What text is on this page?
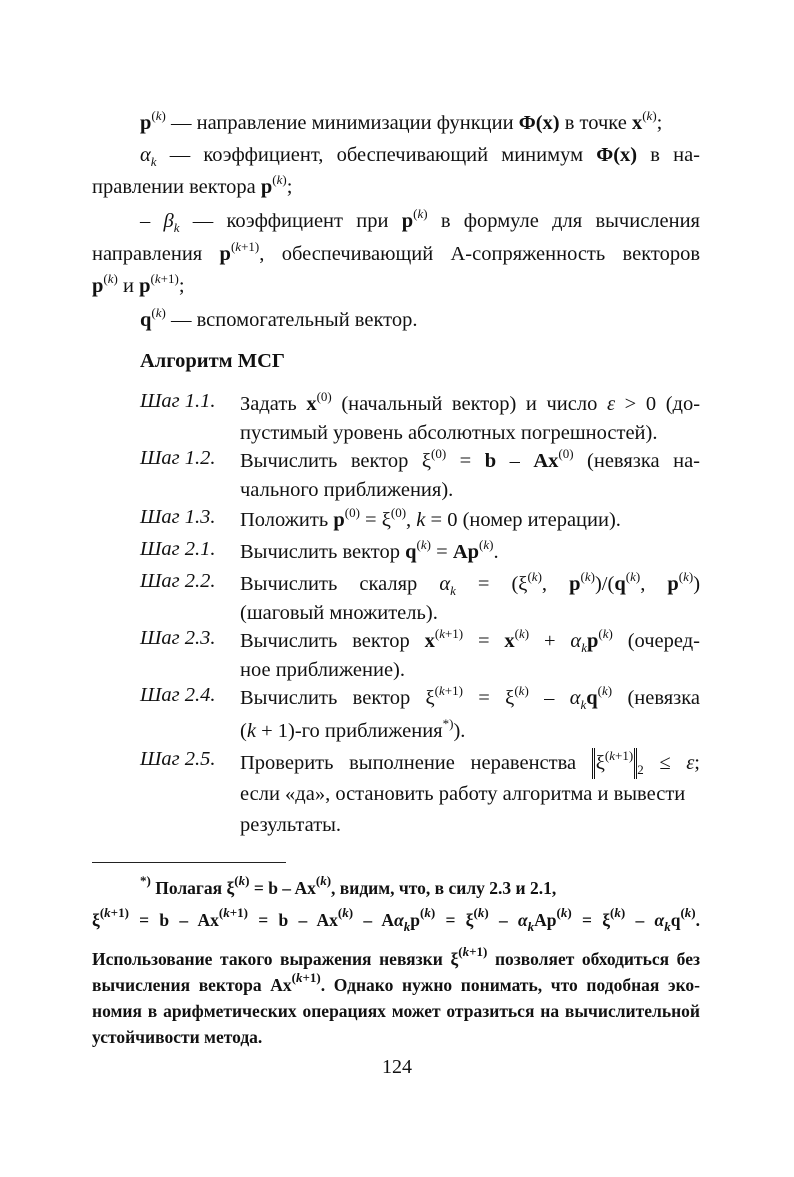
$p^{(k)}$ — направление минимизации функции Φ(x) в точке $x^{(k)}$;
$\alpha_k$ — коэффициент, обеспечивающий минимум Φ(x) в на-
правлении вектора $p^{(k)}$;
– $\beta_k$ — коэффициент при $p^{(k)}$ в формуле для вычисления
направления $p^{(k+1)}$, обеспечивающий А-сопряженность векторов
$p^{(k)}$ и $p^{(k+1)}$;
$q^{(k)}$ — вспомогательный вектор.
Алгоритм МСГ
Шаг 1.1. Задать $x^{(0)}$ (начальный вектор) и число ε > 0 (до-
пустимый уровень абсолютных погрешностей).
Шаг 1.2. Вычислить вектор $\xi^{(0)} = b - Ax^{(0)}$ (невязка на-
чального приближения).
Шаг 1.3. Положить $p^{(0)} = \xi^{(0)}$, k = 0 (номер итерации).
Шаг 2.1. Вычислить вектор $q^{(k)} = Ap^{(k)}$.
Шаг 2.2. Вычислить скаляр $\alpha_k = (\xi^{(k)}$, $p^{(k)})/(q^{(k)}$, $p^{(k)}$)
(шаговый множитель).
Шаг 2.3. Вычислить вектор $x^{(k+1)} = x^{(k)} + \alpha_kp^{(k)}$ (очеред-
ное приближение).
Шаг 2.4. Вычислить вектор $\xi^{(k+1)} = \xi^{(k)} - \alpha_kq^{(k)}$ (невязка
(k + 1)-го приближения*)).
Шаг 2.5. Проверить выполнение неравенства $\xi^{(k+1)}_2 \le \varepsilon$;
если «да», остановить работу алгоритма и вывести
результаты.
*) Полагая $\xi^{(k)} = b - Ax^{(k)}$, видим, что, в силу 2.3 и 2.1,
$\xi^{(k+1)} = b - Ax^{(k+1)} = b - Ax^{(k)} - A\alpha_kp^{(k)} = \xi^{(k)} - \alpha_kAp^{(k)} = \xi^{(k)} - \alpha_kq^{(k)}$.
Использование такого выражения невязки $\xi^{(k+1)}$ позволяет обходиться без
вычисления вектора $Ax^{(k+1)}$. Однако нужно понимать, что подобная эко-
номия в арифметических операциях может отразиться на вычислительной
устойчивости метода.
124
